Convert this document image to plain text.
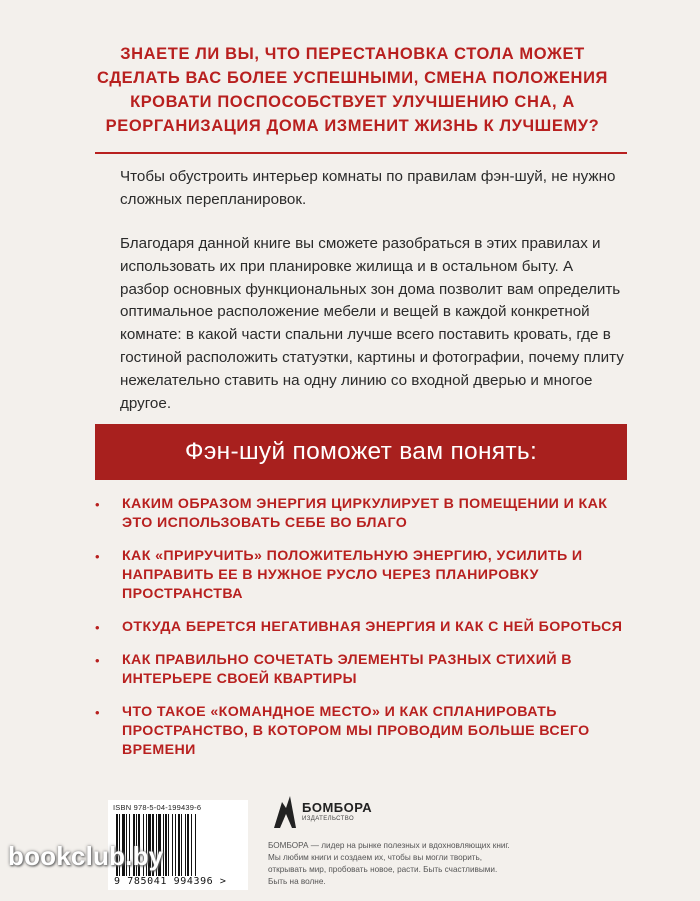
ЗНАЕТЕ ЛИ ВЫ, ЧТО ПЕРЕСТАНОВКА СТОЛА МОЖЕТ СДЕЛАТЬ ВАС БОЛЕЕ УСПЕШНЫМИ, СМЕНА ПОЛОЖЕНИЯ КРОВАТИ ПОСПОСОБСТВУЕТ УЛУЧШЕНИЮ СНА, А РЕОРГАНИЗАЦИЯ ДОМА ИЗМЕНИТ ЖИЗНЬ К ЛУЧШЕМУ?
Чтобы обустроить интерьер комнаты по правилам фэн-шуй, не нужно сложных перепланировок.
Благодаря данной книге вы сможете разобраться в этих правилах и использовать их при планировке жилища и в остальном быту. А разбор основных функциональных зон дома позволит вам определить оптимальное расположение мебели и вещей в каждой конкретной комнате: в какой части спальни лучше всего поставить кровать, где в гостиной расположить статуэтки, картины и фотографии, почему плиту нежелательно ставить на одну линию со входной дверью и многое другое.
Фэн-шуй поможет вам понять:
• КАКИМ ОБРАЗОМ ЭНЕРГИЯ ЦИРКУЛИРУЕТ В ПОМЕЩЕНИИ И КАК ЭТО ИСПОЛЬЗОВАТЬ СЕБЕ ВО БЛАГО
• КАК «ПРИРУЧИТЬ» ПОЛОЖИТЕЛЬНУЮ ЭНЕРГИЮ, УСИЛИТЬ И НАПРАВИТЬ ЕЕ В НУЖНОЕ РУСЛО ЧЕРЕЗ ПЛАНИРОВКУ ПРОСТРАНСТВА
• ОТКУДА БЕРЕТСЯ НЕГАТИВНАЯ ЭНЕРГИЯ И КАК С НЕЙ БОРОТЬСЯ
• КАК ПРАВИЛЬНО СОЧЕТАТЬ ЭЛЕМЕНТЫ РАЗНЫХ СТИХИЙ В ИНТЕРЬЕРЕ СВОЕЙ КВАРТИРЫ
• ЧТО ТАКОЕ «КОМАНДНОЕ МЕСТО» И КАК СПЛАНИРОВАТЬ ПРОСТРАНСТВО, В КОТОРОМ МЫ ПРОВОДИМ БОЛЬШЕ ВСЕГО ВРЕМЕНИ
ISBN 978-5-04-199439-6
9 785041 994396 >
БОМБОРА
ИЗДАТЕЛЬСТВО
БОМБОРА — лидер на рынке полезных и вдохновляющих книг. Мы любим книги и создаем их, чтобы вы могли творить, открывать мир, пробовать новое, расти. Быть счастливыми. Быть на волне.
bookclub.by
